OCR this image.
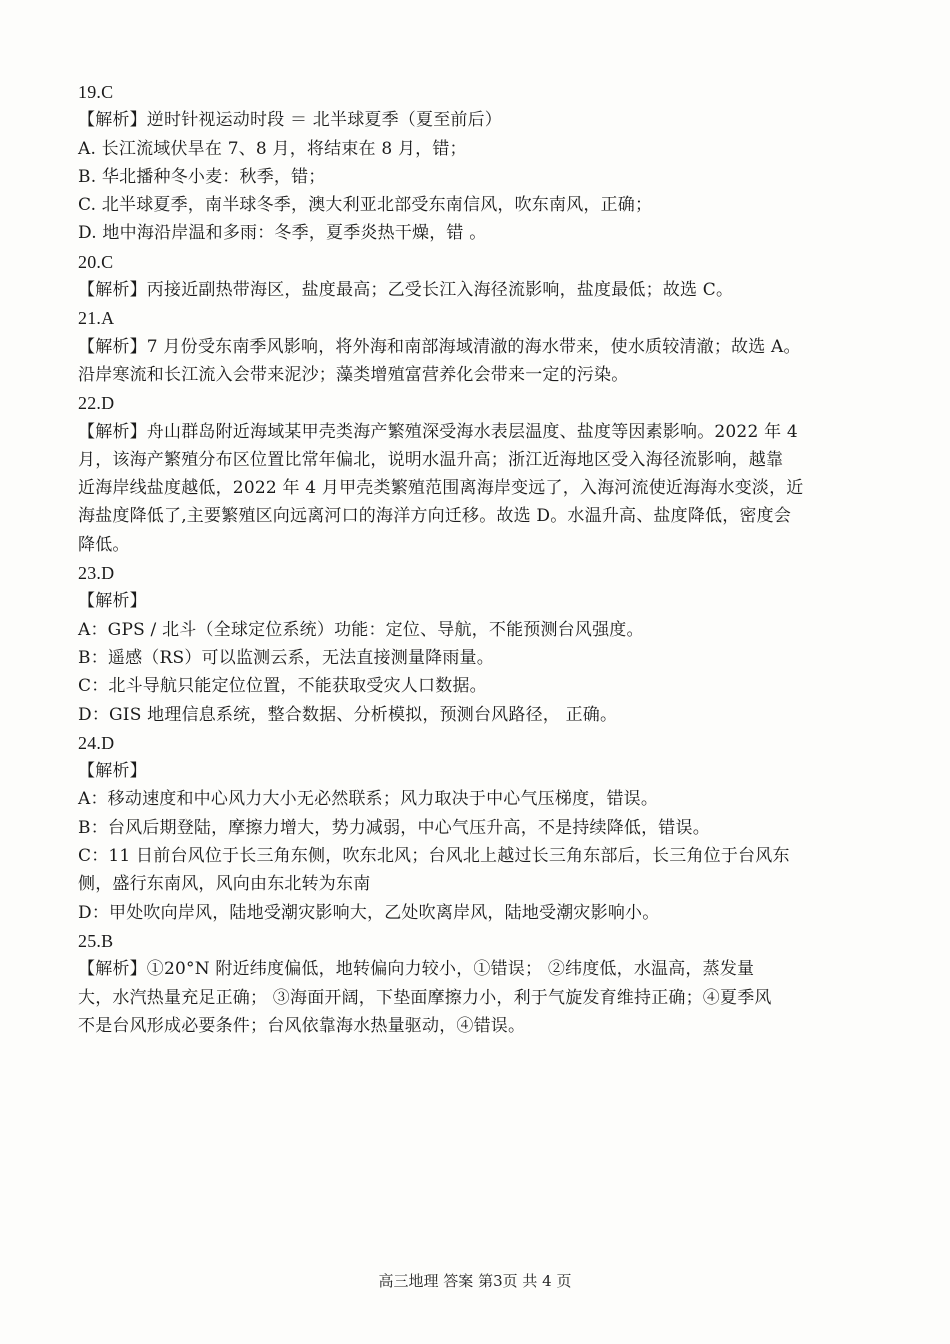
19.C
【解析】逆时针视运动时段 ＝ 北半球夏季（夏至前后）
A. 长江流域伏旱在 7、8 月，将结束在 8 月，错；
B. 华北播种冬小麦：秋季，错；
C. 北半球夏季，南半球冬季，澳大利亚北部受东南信风，吹东南风，正确；
D. 地中海沿岸温和多雨：冬季，夏季炎热干燥，错 。
20.C
【解析】丙接近副热带海区，盐度最高；乙受长江入海径流影响，盐度最低；故选 C。
21.A
【解析】7 月份受东南季风影响，将外海和南部海域清澈的海水带来，使水质较清澈；故选 A。
沿岸寒流和长江流入会带来泥沙；藻类增殖富营养化会带来一定的污染。
22.D
【解析】舟山群岛附近海域某甲壳类海产繁殖深受海水表层温度、盐度等因素影响。2022 年 4
月，该海产繁殖分布区位置比常年偏北，说明水温升高；浙江近海地区受入海径流影响，越靠
近海岸线盐度越低，2022 年 4 月甲壳类繁殖范围离海岸变远了，入海河流使近海海水变淡，近
海盐度降低了,主要繁殖区向远离河口的海洋方向迁移。故选 D。水温升高、盐度降低，密度会
降低。
23.D
【解析】
A：GPS / 北斗（全球定位系统）功能：定位、导航，不能预测台风强度。
B：遥感（RS）可以监测云系，无法直接测量降雨量。
C：北斗导航只能定位位置，不能获取受灾人口数据。
D：GIS 地理信息系统，整合数据、分析模拟，预测台风路径， 正确。
24.D
【解析】
A：移动速度和中心风力大小无必然联系；风力取决于中心气压梯度，错误。
B：台风后期登陆，摩擦力增大，势力减弱，中心气压升高，不是持续降低，错误。
C：11 日前台风位于长三角东侧，吹东北风；台风北上越过长三角东部后，长三角位于台风东
侧，盛行东南风，风向由东北转为东南
D：甲处吹向岸风，陆地受潮灾影响大，乙处吹离岸风，陆地受潮灾影响小。
25.B
【解析】①20°N 附近纬度偏低，地转偏向力较小，①错误； ②纬度低，水温高，蒸发量
大，水汽热量充足正确； ③海面开阔，下垫面摩擦力小，利于气旋发育维持正确；④夏季风
不是台风形成必要条件；台风依靠海水热量驱动，④错误。
高三地理 答案 第3页 共 4 页
